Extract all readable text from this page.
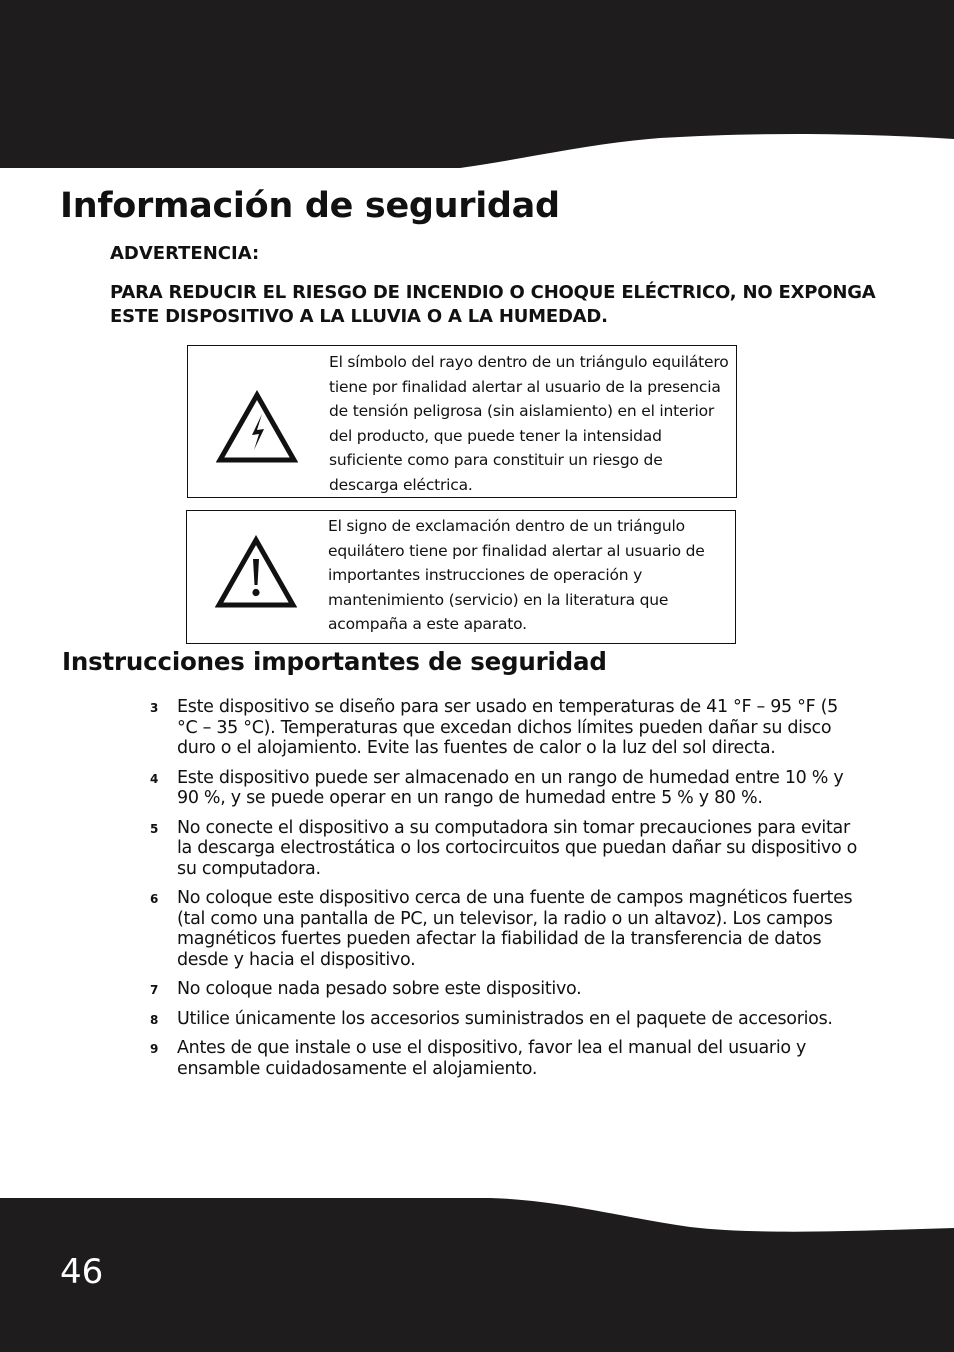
Información de seguridad
ADVERTENCIA:

PARA REDUCIR EL RIESGO DE INCENDIO O CHOQUE ELÉCTRICO, NO EXPONGA ESTE DISPOSITIVO A LA LLUVIA O A LA HUMEDAD.

El símbolo del rayo dentro de un triángulo equilátero tiene por finalidad alertar al usuario de la presencia de tensión peligrosa (sin aislamiento) en el interior del producto, que puede tener la intensidad suficiente como para constituir un riesgo de descarga eléctrica.

El signo de exclamación dentro de un triángulo equilátero tiene por finalidad alertar al usuario de importantes instrucciones de operación y mantenimiento (servicio) en la literatura que acompaña a este aparato.

Instrucciones importantes de seguridad
3 Este dispositivo se diseño para ser usado en temperaturas de 41 °F – 95 °F (5 °C – 35 °C). Temperaturas que excedan dichos límites pueden dañar su disco duro o el alojamiento. Evite las fuentes de calor o la luz del sol directa.
4 Este dispositivo puede ser almacenado en un rango de humedad entre 10 % y 90 %, y se puede operar en un rango de humedad entre 5 % y 80 %.
5 No conecte el dispositivo a su computadora sin tomar precauciones para evitar la descarga electrostática o los cortocircuitos que puedan dañar su dispositivo o su computadora.
6 No coloque este dispositivo cerca de una fuente de campos magnéticos fuertes (tal como una pantalla de PC, un televisor, la radio o un altavoz). Los campos magnéticos fuertes pueden afectar la fiabilidad de la transferencia de datos desde y hacia el dispositivo.
7 No coloque nada pesado sobre este dispositivo.
8 Utilice únicamente los accesorios suministrados en el paquete de accesorios.
9 Antes de que instale o use el dispositivo, favor lea el manual del usuario y ensamble cuidadosamente el alojamiento.

46
